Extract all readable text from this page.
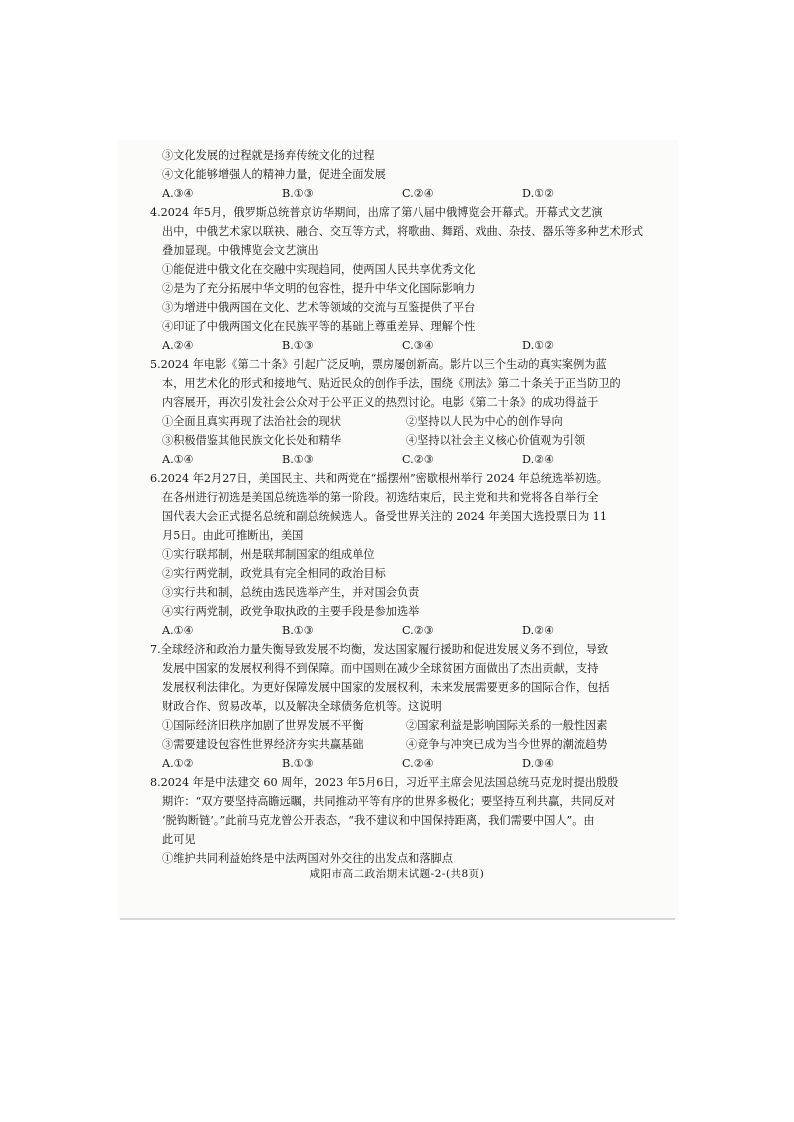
③文化发展的过程就是扬弃传统文化的过程
④文化能够增强人的精神力量，促进全面发展
A.③④	B.①③	C.②④	D.①②
4.2024 年5月，俄罗斯总统普京访华期间，出席了第八届中俄博览会开幕式。开幕式文艺演
出中，中俄艺术家以联袂、融合、交互等方式，将歌曲、舞蹈、戏曲、杂技、器乐等多种艺术形式
叠加显现。中俄博览会文艺演出
①能促进中俄文化在交融中实现趋同，使两国人民共享优秀文化
②是为了充分拓展中华文明的包容性，提升中华文化国际影响力
③为增进中俄两国在文化、艺术等领域的交流与互鉴提供了平台
④印证了中俄两国文化在民族平等的基础上尊重差异、理解个性
A.②④	B.①③	C.③④	D.①②
5.2024 年电影《第二十条》引起广泛反响，票房屡创新高。影片以三个生动的真实案例为蓝
本，用艺术化的形式和接地气、贴近民众的创作手法，围绕《刑法》第二十条关于正当防卫的
内容展开，再次引发社会公众对于公平正义的热烈讨论。电影《第二十条》的成功得益于
①全面且真实再现了法治社会的现状	②坚持以人民为中心的创作导向
③积极借鉴其他民族文化长处和精华	④坚持以社会主义核心价值观为引领
A.①④	B.①③	C.②③	D.②④
6.2024 年2月27日，美国民主、共和两党在“摇摆州”密歇根州举行 2024 年总统选举初选。
在各州进行初选是美国总统选举的第一阶段。初选结束后，民主党和共和党将各自举行全
国代表大会正式提名总统和副总统候选人。备受世界关注的 2024 年美国大选投票日为 11
月5日。由此可推断出，美国
①实行联邦制，州是联邦制国家的组成单位
②实行两党制，政党具有完全相同的政治目标
③实行共和制，总统由选民选举产生，并对国会负责
④实行两党制，政党争取执政的主要手段是参加选举
A.①④	B.①③	C.②③	D.②④
7.全球经济和政治力量失衡导致发展不均衡，发达国家履行援助和促进发展义务不到位，导致
发展中国家的发展权利得不到保障。而中国则在减少全球贫困方面做出了杰出贡献，支持
发展权利法律化。为更好保障发展中国家的发展权利，未来发展需要更多的国际合作，包括
财政合作、贸易改革，以及解决全球债务危机等。这说明
①国际经济旧秩序加剧了世界发展不平衡	②国家利益是影响国际关系的一般性因素
③需要建设包容性世界经济夯实共赢基础	④竞争与冲突已成为当今世界的潮流趋势
A.①②	B.①③	C.②④	D.③④
8.2024 年是中法建交 60 周年，2023 年5月6日，习近平主席会见法国总统马克龙时提出殷殷
期许：“双方要坚持高瞻远瞩，共同推动平等有序的世界多极化；要坚持互利共赢，共同反对
‘脱钩断链’。”此前马克龙曾公开表态，“我不建议和中国保持距离，我们需要中国人”。由
此可见
①维护共同利益始终是中法两国对外交往的出发点和落脚点
咸阳市高二政治期末试题-2-(共8页)
